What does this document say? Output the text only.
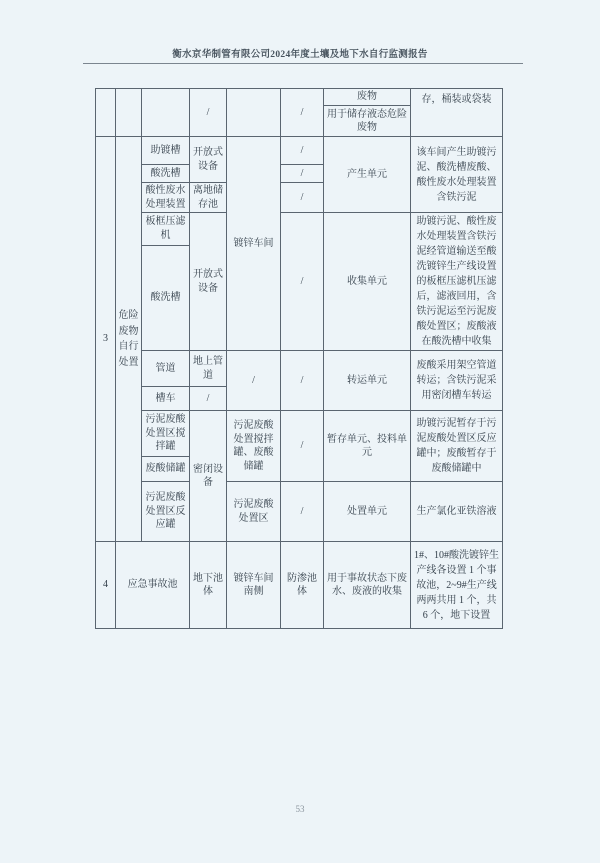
衡水京华制管有限公司2024年度土壤及地下水自行监测报告
			/		/	废物	存，桶装或袋装
						用于储存液态危险废物	
3	危险废物自行处置	助镀槽	开放式设备	镀锌车间	/	产生单元	该车间产生助镀污泥、酸洗槽废酸、酸性废水处理装置含铁污泥
		酸洗槽			/		
		酸性废水处理装置	离地储存池		/		
		板框压滤机	开放式设备		/	收集单元	助镀污泥、酸性废水处理装置含铁污泥经管道输送至酸洗镀锌生产线设置的板框压滤机压滤后，滤液回用，含铁污泥运至污泥废酸处置区；废酸液在酸洗槽中收集
		酸洗槽					
		管道	地上管道	/	/	转运单元	废酸采用架空管道转运；含铁污泥采用密闭槽车转运
		槽车	/				
		污泥废酸处置区搅拌罐	密闭设备	污泥废酸处置搅拌罐、废酸储罐	/	暂存单元、投料单元	助镀污泥暂存于污泥废酸处置区反应罐中；废酸暂存于废酸储罐中
		废酸储罐					
		污泥废酸处置区反应罐		污泥废酸处置区	/	处置单元	生产氯化亚铁溶液
4	应急事故池		地下池体	镀锌车间南侧	防渗池体	用于事故状态下废水、废液的收集	1#、10#酸洗镀锌生产线各设置 1 个事故池，2~9#生产线两两共用 1 个，共 6 个，地下设置
53
